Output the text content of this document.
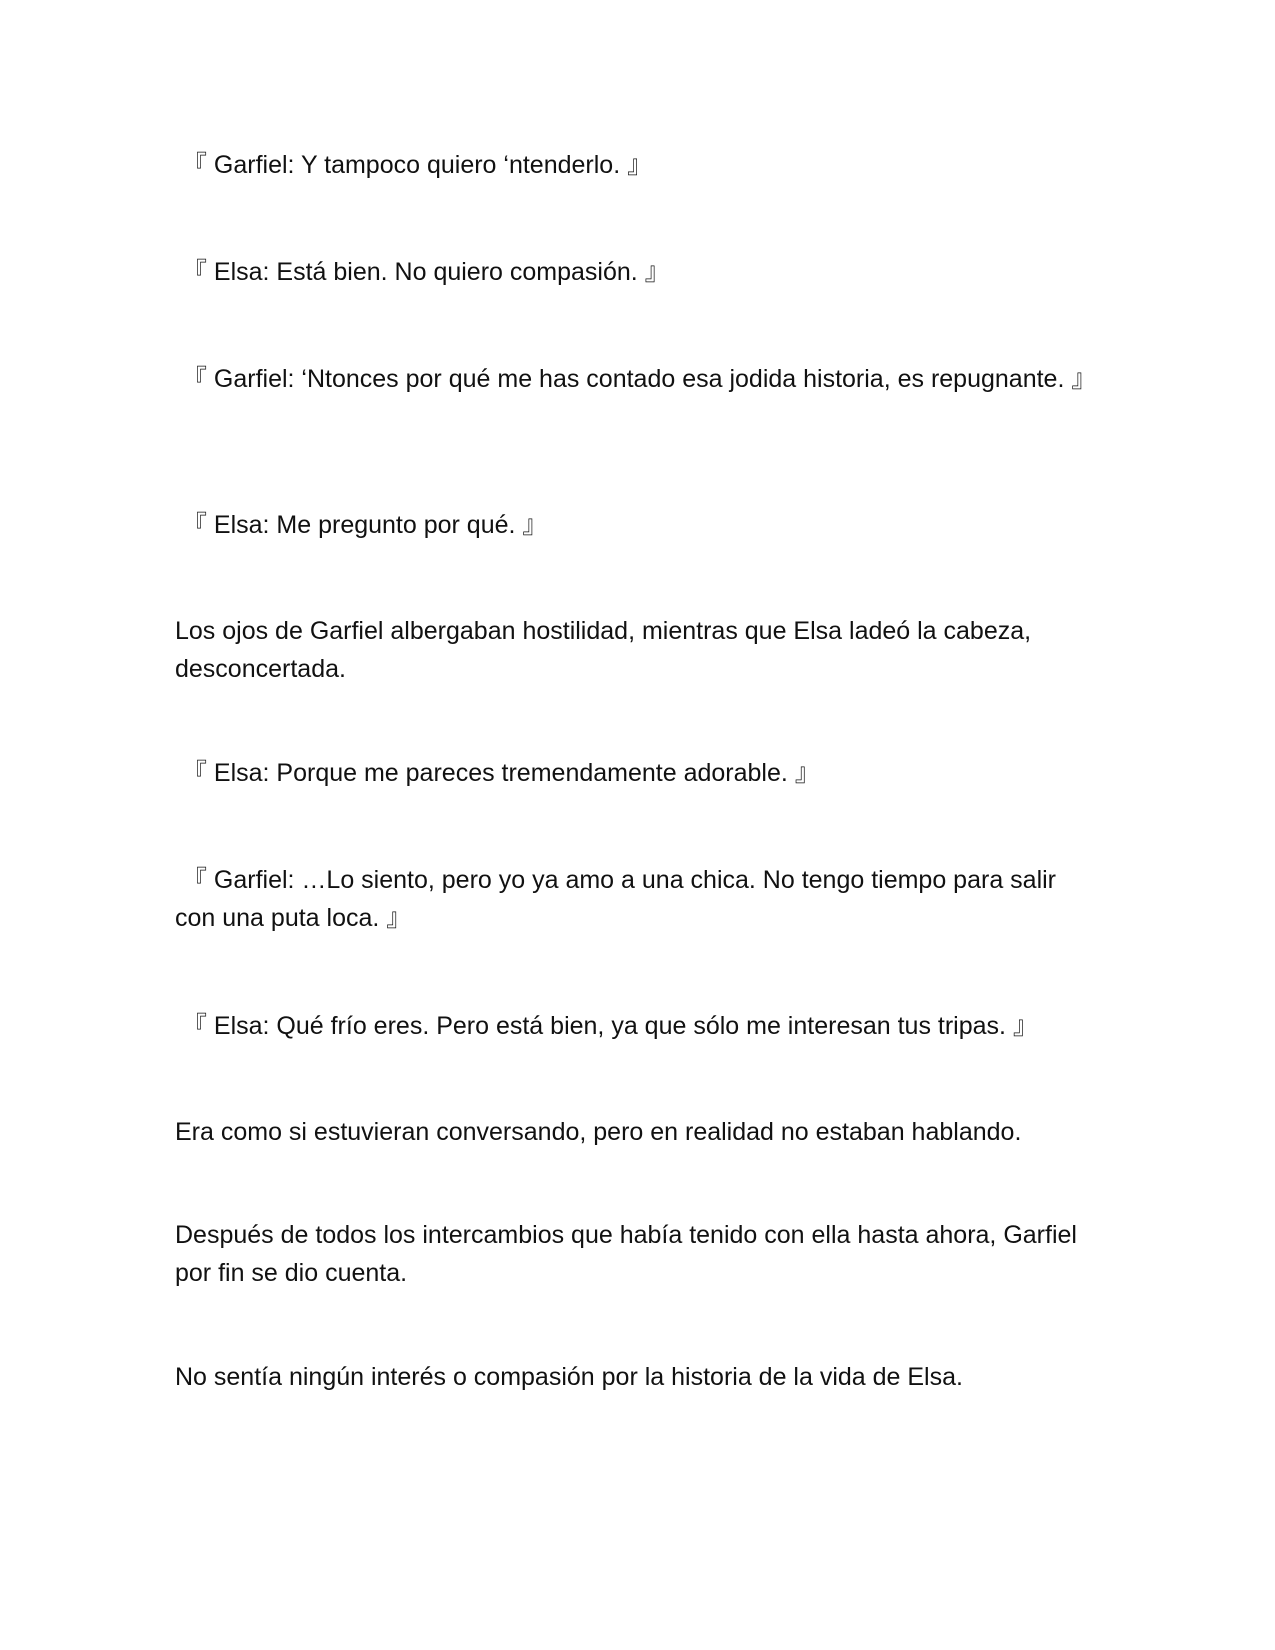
『 Garfiel: Y tampoco quiero ‘ntenderlo. 』

『 Elsa: Está bien. No quiero compasión. 』

『 Garfiel: ‘Ntonces por qué me has contado esa jodida historia, es repugnante. 』

『 Elsa: Me pregunto por qué. 』

Los ojos de Garfiel albergaban hostilidad, mientras que Elsa ladeó la cabeza, desconcertada.

『 Elsa: Porque me pareces tremendamente adorable. 』

『 Garfiel: …Lo siento, pero yo ya amo a una chica. No tengo tiempo para salir con una puta loca. 』

『 Elsa: Qué frío eres. Pero está bien, ya que sólo me interesan tus tripas. 』

Era como si estuvieran conversando, pero en realidad no estaban hablando.

Después de todos los intercambios que había tenido con ella hasta ahora, Garfiel por fin se dio cuenta.

No sentía ningún interés o compasión por la historia de la vida de Elsa.
